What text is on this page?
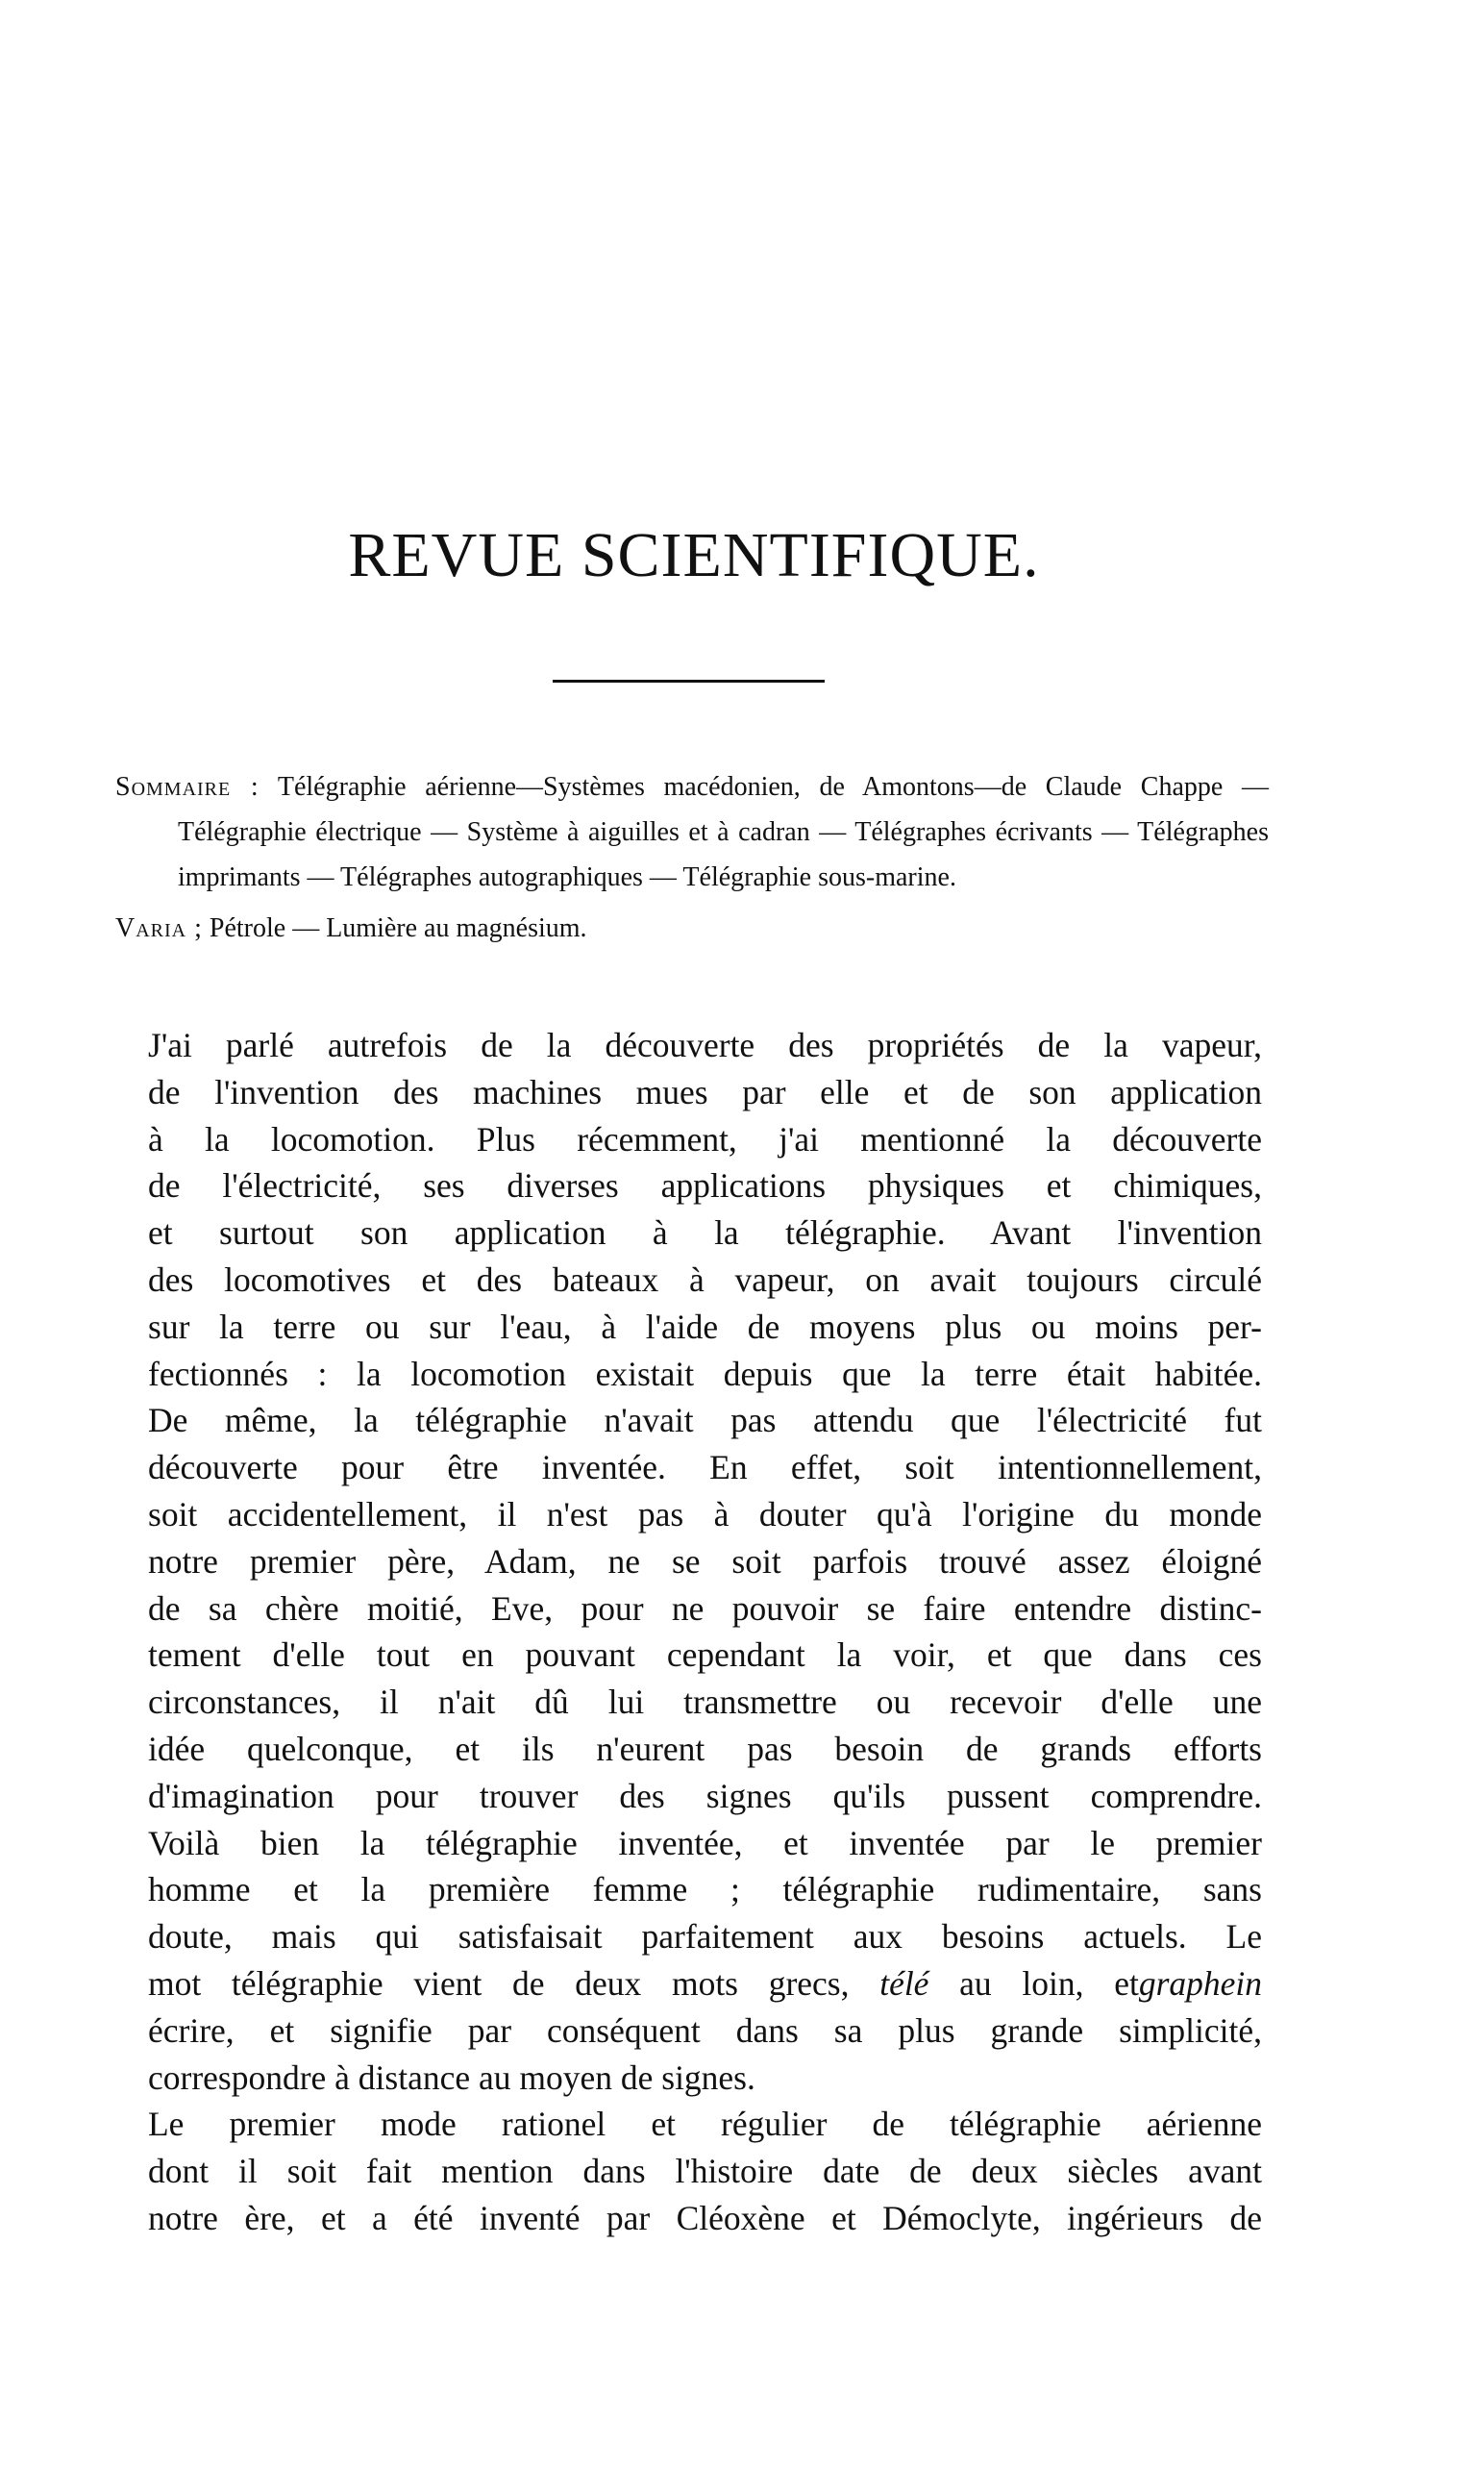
REVUE SCIENTIFIQUE.

Sommaire : Télégraphie aérienne—Systèmes macédonien, de Amontons—de Claude Chappe — Télégraphie électrique — Système à aiguilles et à cadran — Télégraphes écrivants — Télégraphes imprimants — Télégraphes autographiques — Télégraphie sous-marine.

Varia ; Pétrole — Lumière au magnésium.

J'ai parlé autrefois de la découverte des propriétés de la vapeur,
de l'invention des machines mues par elle et de son application
à la locomotion. Plus récemment, j'ai mentionné la découverte
de l'électricité, ses diverses applications physiques et chimiques,
et surtout son application à la télégraphie. Avant l'invention
des locomotives et des bateaux à vapeur, on avait toujours circulé
sur la terre ou sur l'eau, à l'aide de moyens plus ou moins per-
fectionnés : la locomotion existait depuis que la terre était habitée.
De même, la télégraphie n'avait pas attendu que l'électricité fut
découverte pour être inventée. En effet, soit intentionnellement,
soit accidentellement, il n'est pas à douter qu'à l'origine du monde
notre premier père, Adam, ne se soit parfois trouvé assez éloigné
de sa chère moitié, Eve, pour ne pouvoir se faire entendre distinc-
tement d'elle tout en pouvant cependant la voir, et que dans ces
circonstances, il n'ait dû lui transmettre ou recevoir d'elle une
idée quelconque, et ils n'eurent pas besoin de grands efforts
d'imagination pour trouver des signes qu'ils pussent comprendre.
Voilà bien la télégraphie inventée, et inventée par le premier
homme et la première femme ; télégraphie rudimentaire, sans
doute, mais qui satisfaisait parfaitement aux besoins actuels. Le
mot télégraphie vient de deux mots grecs, télé au loin, etgraphein
écrire, et signifie par conséquent dans sa plus grande simplicité,
correspondre à distance au moyen de signes.

Le premier mode rationel et régulier de télégraphie aérienne
dont il soit fait mention dans l'histoire date de deux siècles avant
notre ère, et a été inventé par Cléoxène et Démoclyte, ingérieurs de
